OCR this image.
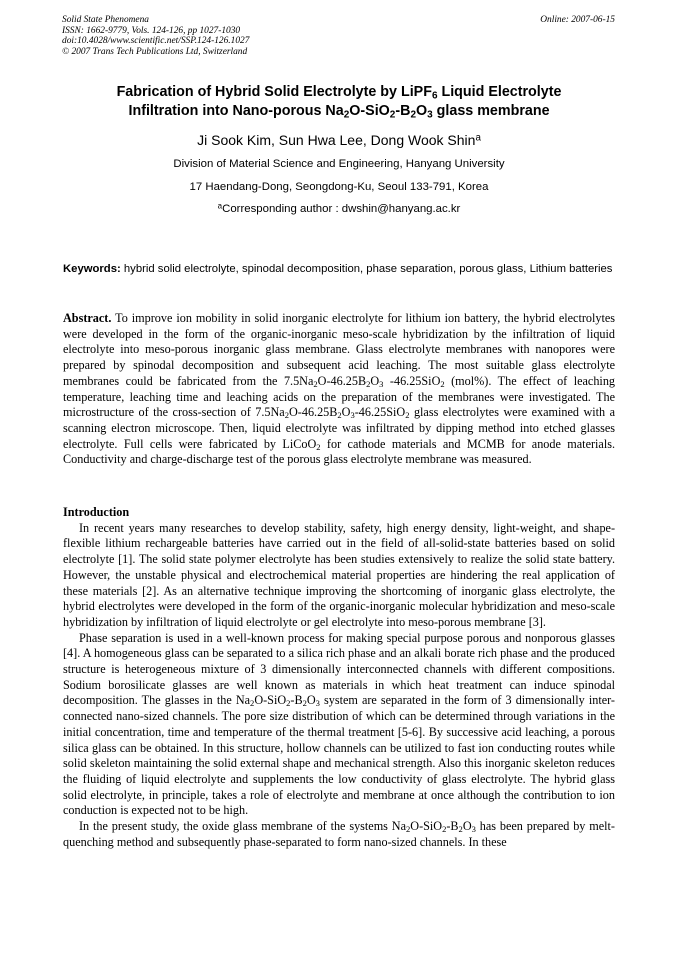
Solid State Phenomena
ISSN: 1662-9779, Vols. 124-126, pp 1027-1030
doi:10.4028/www.scientific.net/SSP.124-126.1027
© 2007 Trans Tech Publications Ltd, Switzerland
Online: 2007-06-15
Fabrication of Hybrid Solid Electrolyte by LiPF$_6$ Liquid Electrolyte
Infiltration into Nano-porous $Na_2O-SiO_2-B_2O_3$ glass membrane
Ji Sook Kim, Sun Hwa Lee, Dong Wook Shin$^a$
Division of Material Science and Engineering, Hanyang University
17 Haendang-Dong, Seongdong-Ku, Seoul 133-791, Korea
$^a$Corresponding author : dwshin@hanyang.ac.kr
Keywords: hybrid solid electrolyte, spinodal decomposition, phase separation, porous glass, Lithium batteries

Abstract. To improve ion mobility in solid inorganic electrolyte for lithium ion battery, the hybrid electrolytes were developed in the form of the organic-inorganic meso-scale hybridization by the infiltration of liquid electrolyte into meso-porous inorganic glass membrane. Glass electrolyte membranes with nanopores were prepared by spinodal decomposition and subsequent acid leaching. The most suitable glass electrolyte membranes could be fabricated from the $7.5Na_2O-46.25B_2O_3$ -46.25SiO$_2$ (mol%). The effect of leaching temperature, leaching time and leaching acids on the preparation of the membranes were investigated. The microstructure of the cross-section of $7.5Na_2O-46.25B_2O_3-46.25SiO_2$ glass electrolytes were examined with a scanning electron microscope. Then, liquid electrolyte was infiltrated by dipping method into etched glasses electrolyte. Full cells were fabricated by LiCoO$_2$ for cathode materials and MCMB for anode materials. Conductivity and charge-discharge test of the porous glass electrolyte membrane was measured.

Introduction

In recent years many researches to develop stability, safety, high energy density, light-weight, and shape-flexible lithium rechargeable batteries have carried out in the field of all-solid-state batteries based on solid electrolyte [1]. The solid state polymer electrolyte has been studies extensively to realize the solid state battery. However, the unstable physical and electrochemical material properties are hindering the real application of these materials [2]. As an alternative technique improving the shortcoming of inorganic glass electrolyte, the hybrid electrolytes were developed in the form of the organic-inorganic molecular hybridization and meso-scale hybridization by infiltration of liquid electrolyte or gel electrolyte into meso-porous membrane [3].

Phase separation is used in a well-known process for making special purpose porous and nonporous glasses [4]. A homogeneous glass can be separated to a silica rich phase and an alkali borate rich phase and the produced structure is heterogeneous mixture of 3 dimensionally interconnected channels with different compositions. Sodium borosilicate glasses are well known as materials in which heat treatment can induce spinodal decomposition. The glasses in the $Na_2O-SiO_2-B_2O_3$ system are separated in the form of 3 dimensionally inter-connected nano-sized channels. The pore size distribution of which can be determined through variations in the initial concentration, time and temperature of the thermal treatment [5-6]. By successive acid leaching, a porous silica glass can be obtained. In this structure, hollow channels can be utilized to fast ion conducting routes while solid skeleton maintaining the solid external shape and mechanical strength. Also this inorganic skeleton reduces the fluiding of liquid electrolyte and supplements the low conductivity of glass electrolyte. The hybrid glass solid electrolyte, in principle, takes a role of electrolyte and membrane at once although the contribution to ion conduction is expected not to be high.

In the present study, the oxide glass membrane of the systems $Na_2O-SiO_2-B_2O_3$ has been prepared by melt-quenching method and subsequently phase-separated to form nano-sized channels. In these
